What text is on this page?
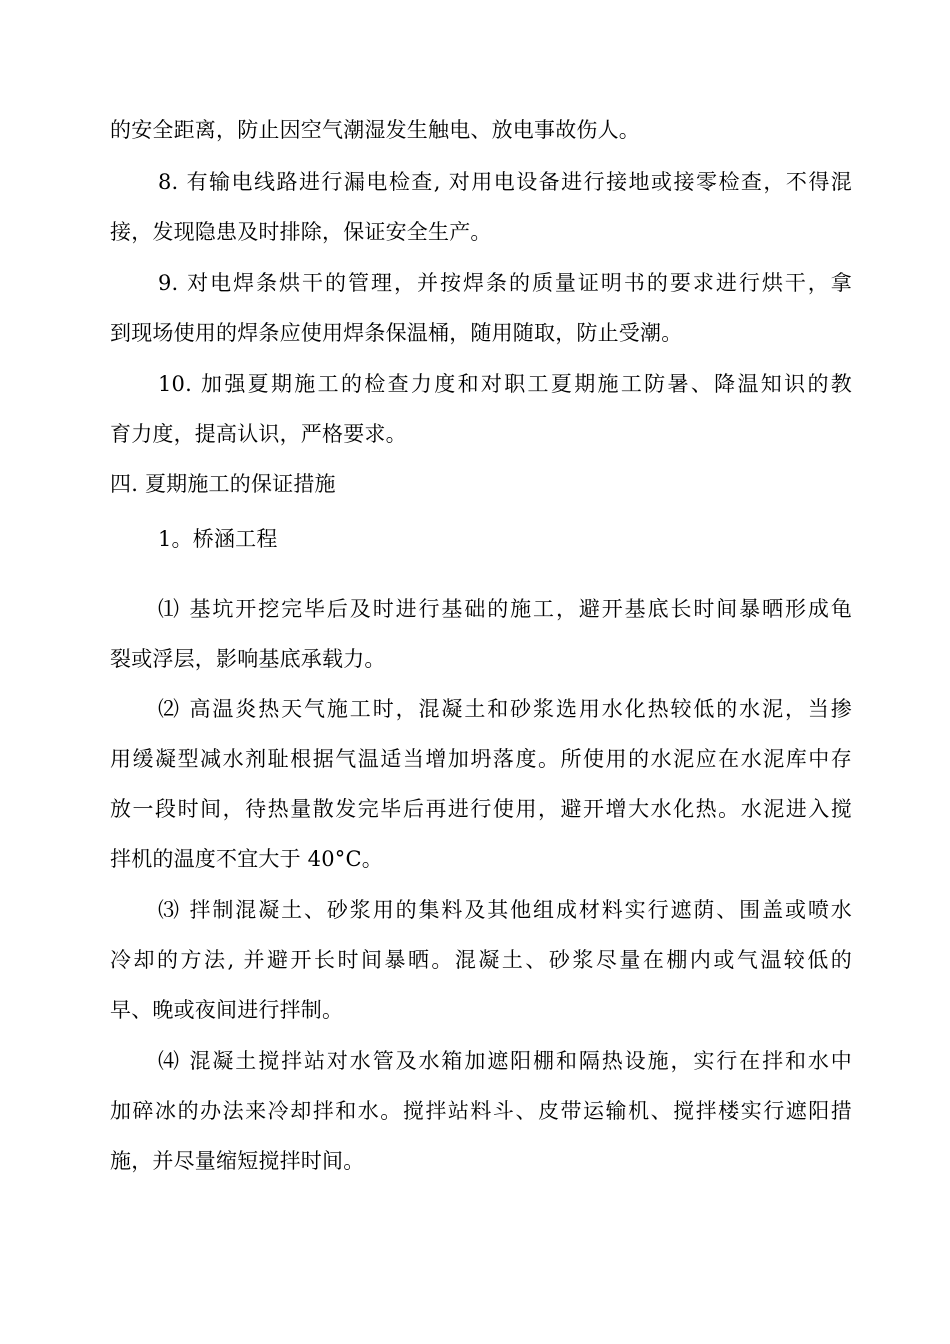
的安全距离，防止因空气潮湿发生触电、放电事故伤人。
8. 有输电线路进行漏电检查, 对用电设备进行接地或接零检查，不得混
接，发现隐患及时排除，保证安全生产。
9. 对电焊条烘干的管理，并按焊条的质量证明书的要求进行烘干，拿
到现场使用的焊条应使用焊条保温桶，随用随取，防止受潮。
10. 加强夏期施工的检查力度和对职工夏期施工防暑、降温知识的教
育力度，提高认识，严格要求。
四. 夏期施工的保证措施
1。桥涵工程
⑴ 基坑开挖完毕后及时进行基础的施工，避开基底长时间暴晒形成龟
裂或浮层，影响基底承载力。
⑵ 高温炎热天气施工时，混凝土和砂浆选用水化热较低的水泥，当掺
用缓凝型减水剂耻根据气温适当增加坍落度。所使用的水泥应在水泥库中存
放一段时间，待热量散发完毕后再进行使用，避开增大水化热。水泥进入搅
拌机的温度不宜大于 40°C。
⑶ 拌制混凝土、砂浆用的集料及其他组成材料实行遮荫、围盖或喷水
冷却的方法, 并避开长时间暴晒。混凝土、砂浆尽量在棚内或气温较低的
早、晚或夜间进行拌制。
⑷ 混凝土搅拌站对水管及水箱加遮阳棚和隔热设施，实行在拌和水中
加碎冰的办法来冷却拌和水。搅拌站料斗、皮带运输机、搅拌楼实行遮阳措
施，并尽量缩短搅拌时间。
